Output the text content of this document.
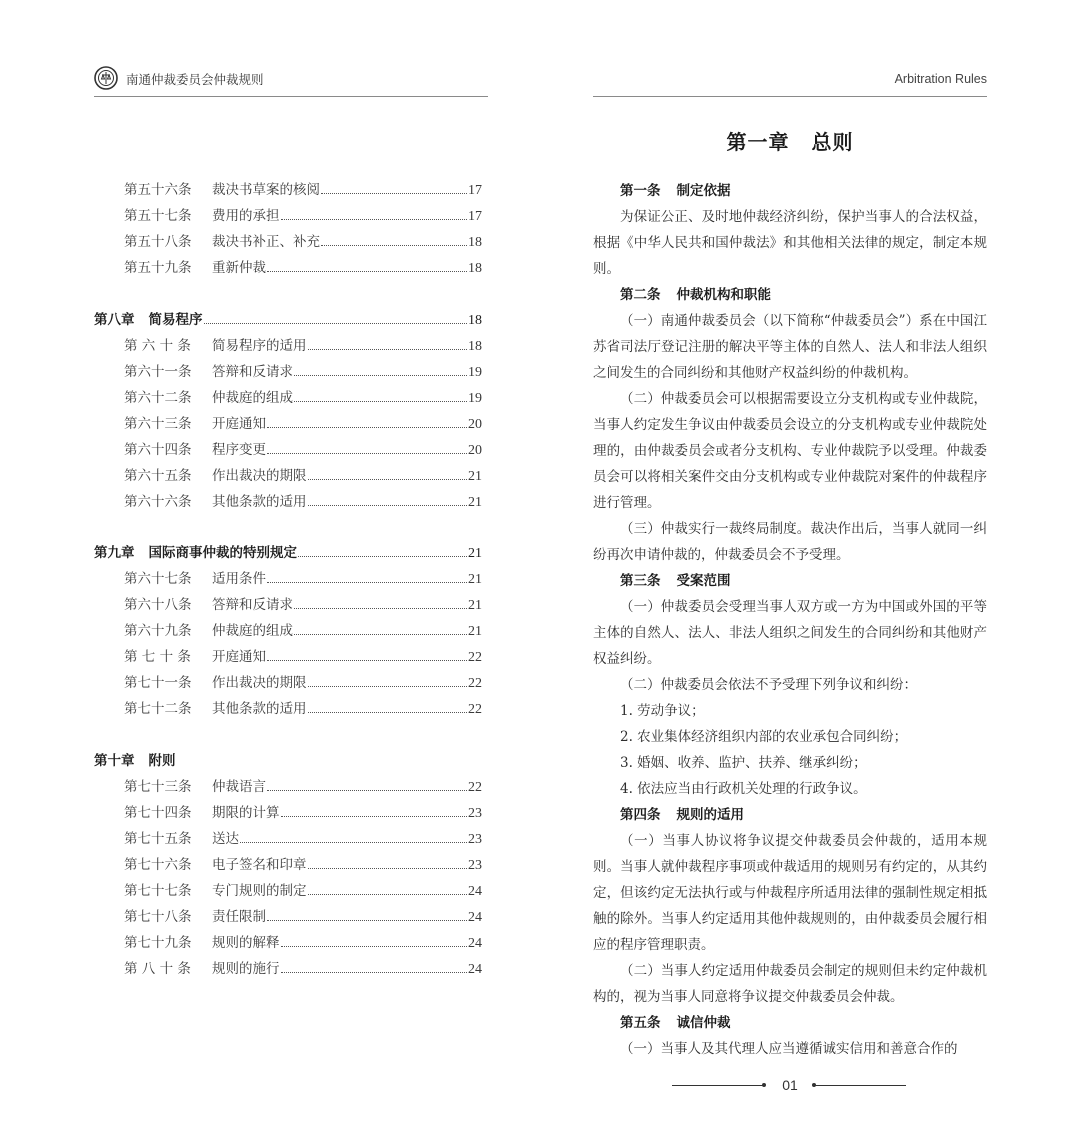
南通仲裁委员会仲裁规则	Arbitration Rules
第五十六条	裁决书草案的核阅	17
第五十七条	费用的承担	17
第五十八条	裁决书补正、补充	18
第五十九条	重新仲裁	18
第八章 简易程序	18
第 六 十 条	简易程序的适用	18
第六十一条	答辩和反请求	19
第六十二条	仲裁庭的组成	19
第六十三条	开庭通知	20
第六十四条	程序变更	20
第六十五条	作出裁决的期限	21
第六十六条	其他条款的适用	21
第九章 国际商事仲裁的特别规定	21
第六十七条	适用条件	21
第六十八条	答辩和反请求	21
第六十九条	仲裁庭的组成	21
第 七 十 条	开庭通知	22
第七十一条	作出裁决的期限	22
第七十二条	其他条款的适用	22
第十章 附则
第七十三条	仲裁语言	22
第七十四条	期限的计算	23
第七十五条	送达	23
第七十六条	电子签名和印章	23
第七十七条	专门规则的制定	24
第七十八条	责任限制	24
第七十九条	规则的解释	24
第 八 十 条	规则的施行	24
第一章 总则

第一条 制定依据

为保证公正、及时地仲裁经济纠纷，保护当事人的合法权益，根据《中华人民共和国仲裁法》和其他相关法律的规定，制定本规则。

第二条 仲裁机构和职能

（一）南通仲裁委员会（以下简称“仲裁委员会”）系在中国江苏省司法厅登记注册的解决平等主体的自然人、法人和非法人组织之间发生的合同纠纷和其他财产权益纠纷的仲裁机构。

（二）仲裁委员会可以根据需要设立分支机构或专业仲裁院，当事人约定发生争议由仲裁委员会设立的分支机构或专业仲裁院处理的，由仲裁委员会或者分支机构、专业仲裁院予以受理。仲裁委员会可以将相关案件交由分支机构或专业仲裁院对案件的仲裁程序进行管理。

（三）仲裁实行一裁终局制度。裁决作出后，当事人就同一纠纷再次申请仲裁的，仲裁委员会不予受理。

第三条 受案范围

（一）仲裁委员会受理当事人双方或一方为中国或外国的平等主体的自然人、法人、非法人组织之间发生的合同纠纷和其他财产权益纠纷。

（二）仲裁委员会依法不予受理下列争议和纠纷：

1. 劳动争议；

2. 农业集体经济组织内部的农业承包合同纠纷；

3. 婚姻、收养、监护、扶养、继承纠纷；

4. 依法应当由行政机关处理的行政争议。

第四条 规则的适用

（一）当事人协议将争议提交仲裁委员会仲裁的，适用本规则。当事人就仲裁程序事项或仲裁适用的规则另有约定的，从其约定，但该约定无法执行或与仲裁程序所适用法律的强制性规定相抵触的除外。当事人约定适用其他仲裁规则的，由仲裁委员会履行相应的程序管理职责。

（二）当事人约定适用仲裁委员会制定的规则但未约定仲裁机构的，视为当事人同意将争议提交仲裁委员会仲裁。

第五条 诚信仲裁

（一）当事人及其代理人应当遵循诚实信用和善意合作的

01
